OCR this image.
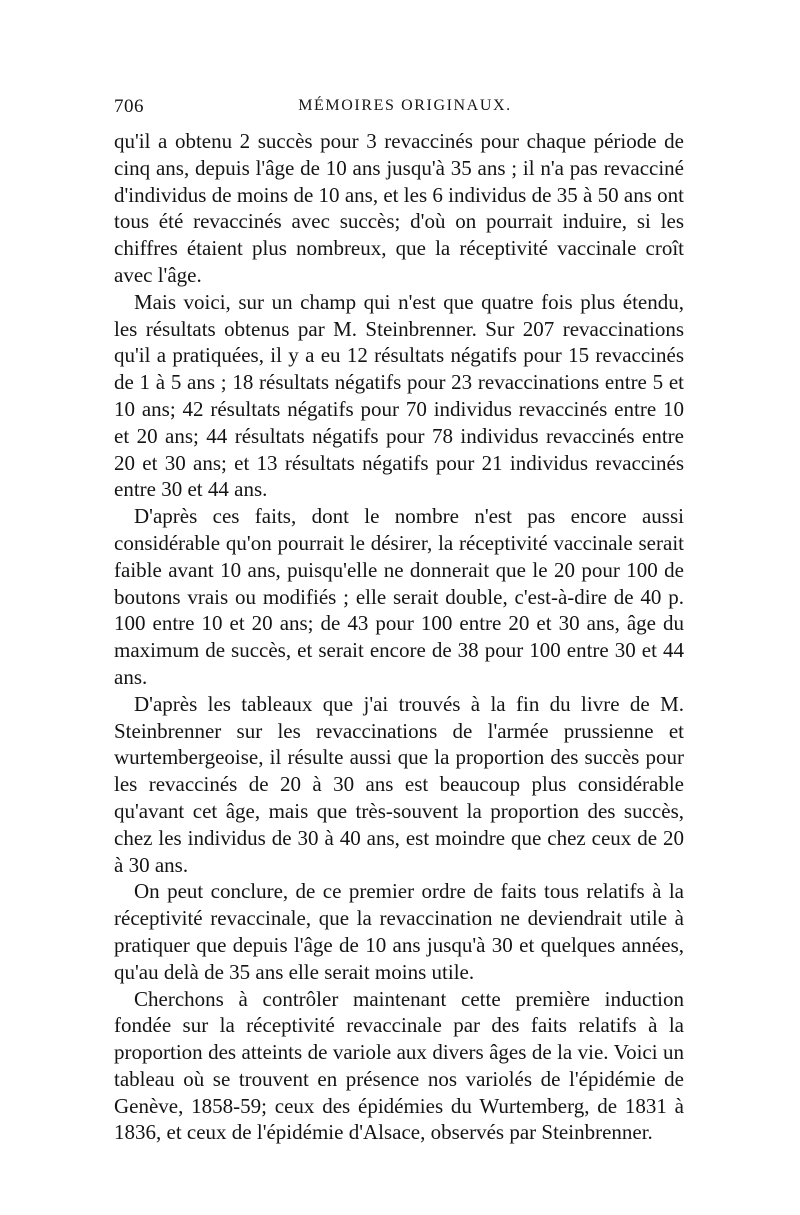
706	MÉMOIRES ORIGINAUX.

qu'il a obtenu 2 succès pour 3 revaccinés pour chaque période de cinq ans, depuis l'âge de 10 ans jusqu'à 35 ans ; il n'a pas revacciné d'individus de moins de 10 ans, et les 6 individus de 35 à 50 ans ont tous été revaccinés avec succès; d'où on pourrait induire, si les chiffres étaient plus nombreux, que la réceptivité vaccinale croît avec l'âge.

Mais voici, sur un champ qui n'est que quatre fois plus étendu, les résultats obtenus par M. Steinbrenner. Sur 207 revaccinations qu'il a pratiquées, il y a eu 12 résultats négatifs pour 15 revaccinés de 1 à 5 ans ; 18 résultats négatifs pour 23 revaccinations entre 5 et 10 ans; 42 résultats négatifs pour 70 individus revaccinés entre 10 et 20 ans; 44 résultats négatifs pour 78 individus revaccinés entre 20 et 30 ans; et 13 résultats négatifs pour 21 individus revaccinés entre 30 et 44 ans.

D'après ces faits, dont le nombre n'est pas encore aussi considérable qu'on pourrait le désirer, la réceptivité vaccinale serait faible avant 10 ans, puisqu'elle ne donnerait que le 20 pour 100 de boutons vrais ou modifiés ; elle serait double, c'est-à-dire de 40 p. 100 entre 10 et 20 ans; de 43 pour 100 entre 20 et 30 ans, âge du maximum de succès, et serait encore de 38 pour 100 entre 30 et 44 ans.

D'après les tableaux que j'ai trouvés à la fin du livre de M. Steinbrenner sur les revaccinations de l'armée prussienne et wurtembergeoise, il résulte aussi que la proportion des succès pour les revaccinés de 20 à 30 ans est beaucoup plus considérable qu'avant cet âge, mais que très-souvent la proportion des succès, chez les individus de 30 à 40 ans, est moindre que chez ceux de 20 à 30 ans.

On peut conclure, de ce premier ordre de faits tous relatifs à la réceptivité revaccinale, que la revaccination ne deviendrait utile à pratiquer que depuis l'âge de 10 ans jusqu'à 30 et quelques années, qu'au delà de 35 ans elle serait moins utile.

Cherchons à contrôler maintenant cette première induction fondée sur la réceptivité revaccinale par des faits relatifs à la proportion des atteints de variole aux divers âges de la vie. Voici un tableau où se trouvent en présence nos variolés de l'épidémie de Genève, 1858-59; ceux des épidémies du Wurtemberg, de 1831 à 1836, et ceux de l'épidémie d'Alsace, observés par Steinbrenner.
